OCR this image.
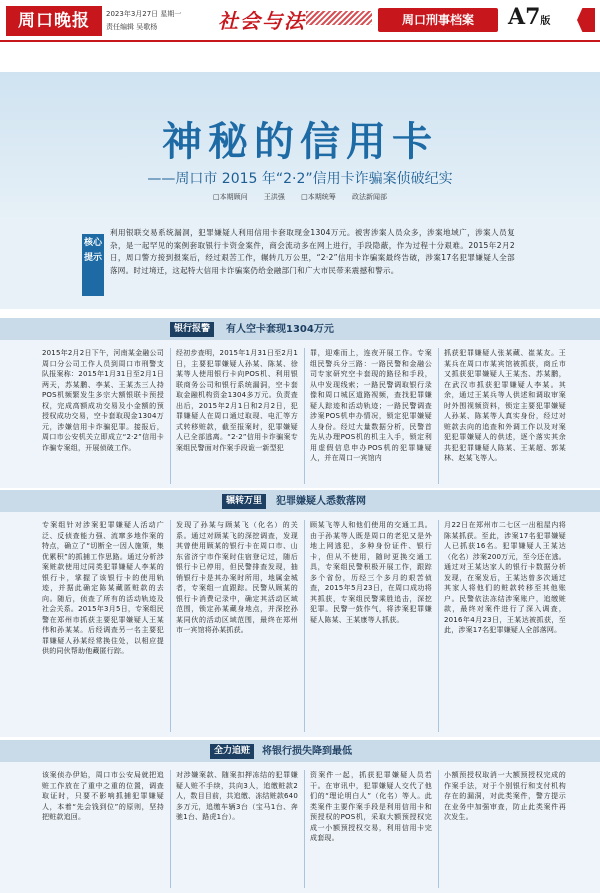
周口晚报	2023年3月27日 星期一
责任编辑 吴歌杨	社会与法	周口刑事档案	A7版
神秘的信用卡
——周口市 2015 年“2·2”信用卡诈骗案侦破纪实
□本期顾问 王洪强 □本期统筹 政法新闻部
核心提示
利用银联交易系统漏洞，犯罪嫌疑人利用信用卡套取现金1304万元。被害涉案人员众多，涉案地域广，涉案人员复杂，是一起罕见的案例套取银行卡资金案件，商会流动多在网上进行，手段隐蔽，作为过程十分艰难。2015年2月2日，周口警方接到报案后，经过艰苦工作，辗转几万公里，“2·2”信用卡诈骗案最终告破，涉案17名犯罪嫌疑人全部落网。时过境迁，这起特大信用卡诈骗案仍给金融部门和广大市民带来震撼和警示。
银行报警	有人空卡套现1304万元
2015年2月2日下午，河南某金融公司周口分公司工作人员到周口市刑警支队报案称：2015年1月31日至2月1日两天，苏某鹏、李某、王某杰三人持POS机频繁发生多宗大额银联卡预授权，完成高额成功交易及小金额的预授权成功交易，空卡套取现金1304万元，涉嫌信用卡诈骗犯罪。接报后，周口市公安机关立即成立“2·2”信用卡诈骗专案组，开展侦破工作。
经初步查明，2015年1月31日至2月1日，主要犯罪嫌疑人孙某、陈某、徐某等人使用银行卡向POS机、利用银联商务公司和银行系统漏洞，空卡套取金融机构资金1304多万元。负责查出后，2015年2月1日和2月2日，犯罪嫌疑人在周口通过取现、电汇等方式转移赃款，截至报案时，犯罪嫌疑人已全部逃离。“2·2”信用卡诈骗案专案组民警面对作案手段诡一新型犯
罪，迎难而上，连夜开展工作。专案组民警兵分三路：一路民警和金融公司专家研究空卡套现的路径和手段，从中发现线索；一路民警调取银行录像和周口城区道路视频，查找犯罪嫌疑人踪迹和活动轨迹；一路民警调查涉案POS机申办情况，锁定犯罪嫌疑人身份。经过大量数据分析，民警首先从办理POS机的机主入手，锁定利用虚假信息申办POS机的犯罪嫌疑人，并在周口一宾馆内
抓获犯罪嫌疑人张某藏、崔某友。王某兵在周口市某宾馆被抓获，商丘市又抓获犯罪嫌疑人王某杰、苏某鹏，在武汉市抓获犯罪嫌疑人李某。其余，通过王某兵等人供述和调取审案时外围视频资料，锁定主要犯罪嫌疑人孙某、陈某等人真实身份，经过对赃款去向的追查和外调工作以及对案犯犯罪嫌疑人的供述，逐个落实其余共犯犯罪嫌疑人陈某、王某超、郭某林、赵某飞等人。
辗转万里	犯罪嫌疑人悉数落网
专案组针对涉案犯罪嫌疑人活动广泛、反侦查能力强、流窜多地作案的特点，确立了“切断全一因人施策，集优累积”的抓捕工作思路。通过分析涉案赃款使用过同类犯罪嫌疑人李某的银行卡，掌握了该银行卡的使用轨迹，并据此确定陈某藏匿赃款的去向。随后，侦查了所有的活动轨迹及社会关系。2015年3月5日，专案组民警在郑州市抓获主要犯罪嫌疑人王某伟和孙某某。后经调查另一名主要犯罪嫌疑人孙某经常换住处，以相应提供的同伙帮助他藏匿行踪。
发现了孙某与顾某飞（化名）的关系。通过对顾某飞的深挖调查，发现其曾使用顾某的银行卡在周口市、山东省济宁市作案时住宿登记过，随后银行卡已停用，但民警排查发现，抽销银行卡是其办案时所用，地属金城者，专案组一直跟踪。民警从顾某的银行卡消费记录中，确定其活动区域范围，锁定孙某藏身地点，并深挖孙某同伙的活动区域范围，最终在郑州市一宾馆将孙某抓获。
顾某飞等人和他们使用的交通工具。由于孙某等人既是周口的老犯又是外地上网逃犯，多种身份证件、银行卡，但从不使用，随时更换交通工具，专案组民警积极开展工作，跟踪多个省份，历经三个多月的艰苦侦查，2015年5月23日，在周口成功将其抓获，专案组民警乘胜追击，深挖犯罪。民警一鼓作气，将涉案犯罪嫌疑人陈某、王某康等人抓获。
月22日在郑州市二七区一出租屋内将陈某抓获。至此，涉案17名犯罪嫌疑人已抓获16名。犯罪嫌疑人王某达（化名）涉案200万元，至今还在逃。通过对王某达家人的银行卡数据分析发现，在案发后，王某达曾多次通过其家人将他们的赃款转移至其他账户。民警依法冻结涉案账户，追缴赃款，最终对案件进行了深入调查，2016年4月23日，王某达被抓获，至此，涉案17名犯罪嫌疑人全部落网。
全力追赃	将银行损失降到最低
该案侦办伊始，周口市公安局就把追赃工作放在了重中之重的位置，调查取证时，只要不影响抓捕犯罪嫌疑人，本着“先会钱到位”的原则，坚持把赃款追回。
对涉嫌案款、随案扣押冻结的犯罪嫌疑人赃不手续，共向3人，追缴赃款2人，数目目前，共追缴、冻结赃款640多万元，追缴车辆3台（宝马1台、奔驰1台、路虎1台）。
资案件一起，抓获犯罪嫌疑人员若干。在审讯中，犯罪嫌疑人交代了他们的“理论明白人”（化名）等人。此类案件主要作案手段是利用信用卡和预授权的POS机，采取大额预授权完成一小额预授权交易，利用信用卡完成套现。
小额预授权取消一大额预授权完成的作案手法，对于个别银行和支付机构存在的漏洞，对此类案件，警方提示在业务中加强审查，防止此类案件再次发生。
